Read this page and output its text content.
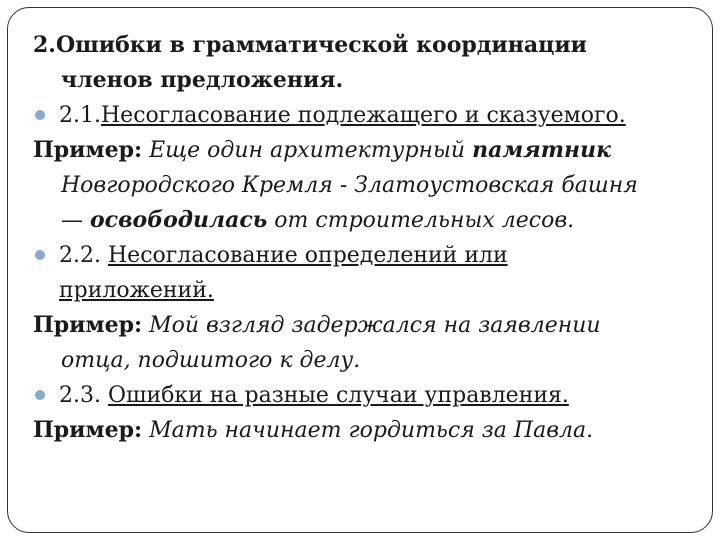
2.Ошибки в грамматической координации
членов предложения.
2.1.Несогласование подлежащего и сказуемого.
Пример: Еще один архитектурный памятник
Новгородского Кремля - Златоустовская башня
— освободилась от строительных лесов.
2.2. Несогласование определений или
приложений.
Пример: Мой взгляд задержался на заявлении
отца, подшитого к делу.
2.3. Ошибки на разные случаи управления.
Пример: Мать начинает гордиться за Павла.
